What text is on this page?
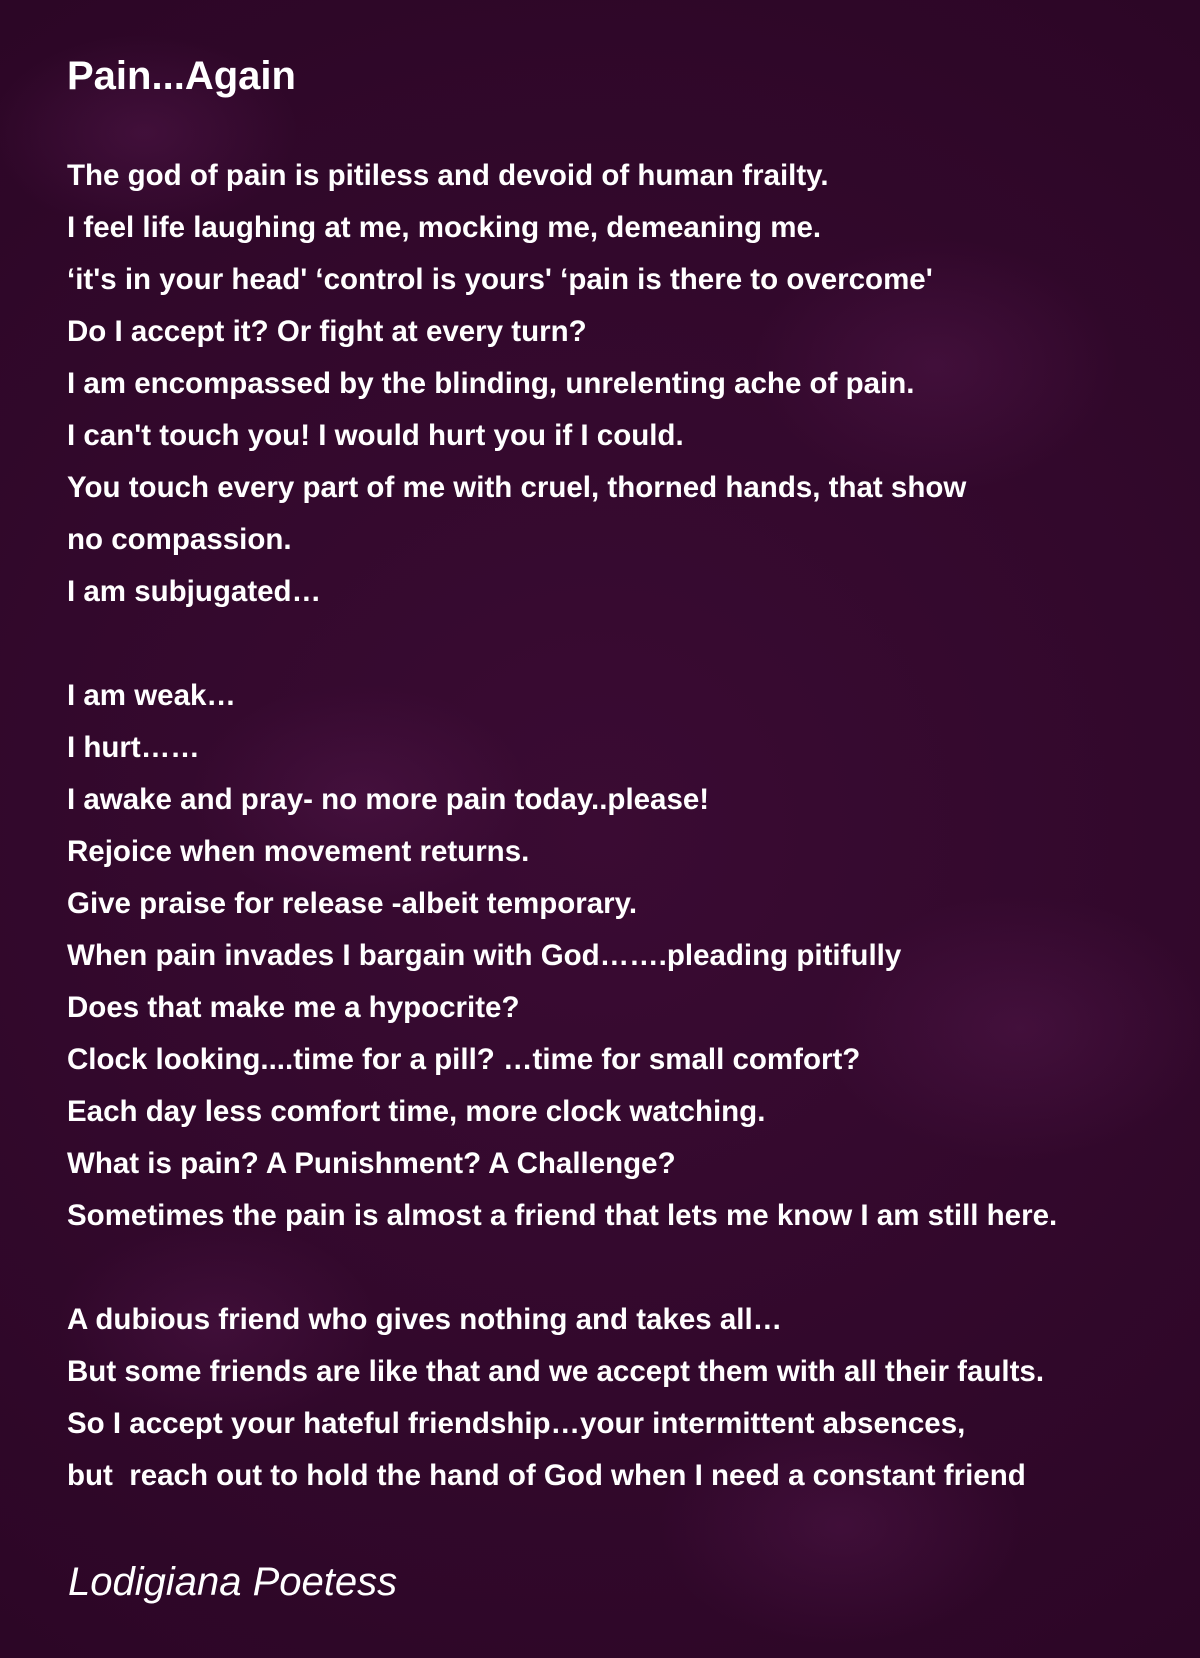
Pain...Again
The god of pain is pitiless and devoid of human frailty.
I feel life laughing at me, mocking me, demeaning me.
‘it's in your head' ‘control is yours' ‘pain is there to overcome'
Do I accept it? Or fight at every turn?
I am encompassed by the blinding, unrelenting ache of pain.
I can't touch you! I would hurt you if I could.
You touch every part of me with cruel, thorned hands, that show
no compassion.
I am subjugated…
I am weak…
I hurt……
I awake and pray- no more pain today..please!
Rejoice when movement returns.
Give praise for release -albeit temporary.
When pain invades I bargain with God…….pleading pitifully
Does that make me a hypocrite?
Clock looking....time for a pill? …time for small comfort?
Each day less comfort time, more clock watching.
What is pain? A Punishment? A Challenge?
Sometimes the pain is almost a friend that lets me know I am still here.
A dubious friend who gives nothing and takes all…
But some friends are like that and we accept them with all their faults.
So I accept your hateful friendship…your intermittent absences,
but  reach out to hold the hand of God when I need a constant friend
Lodigiana Poetess
